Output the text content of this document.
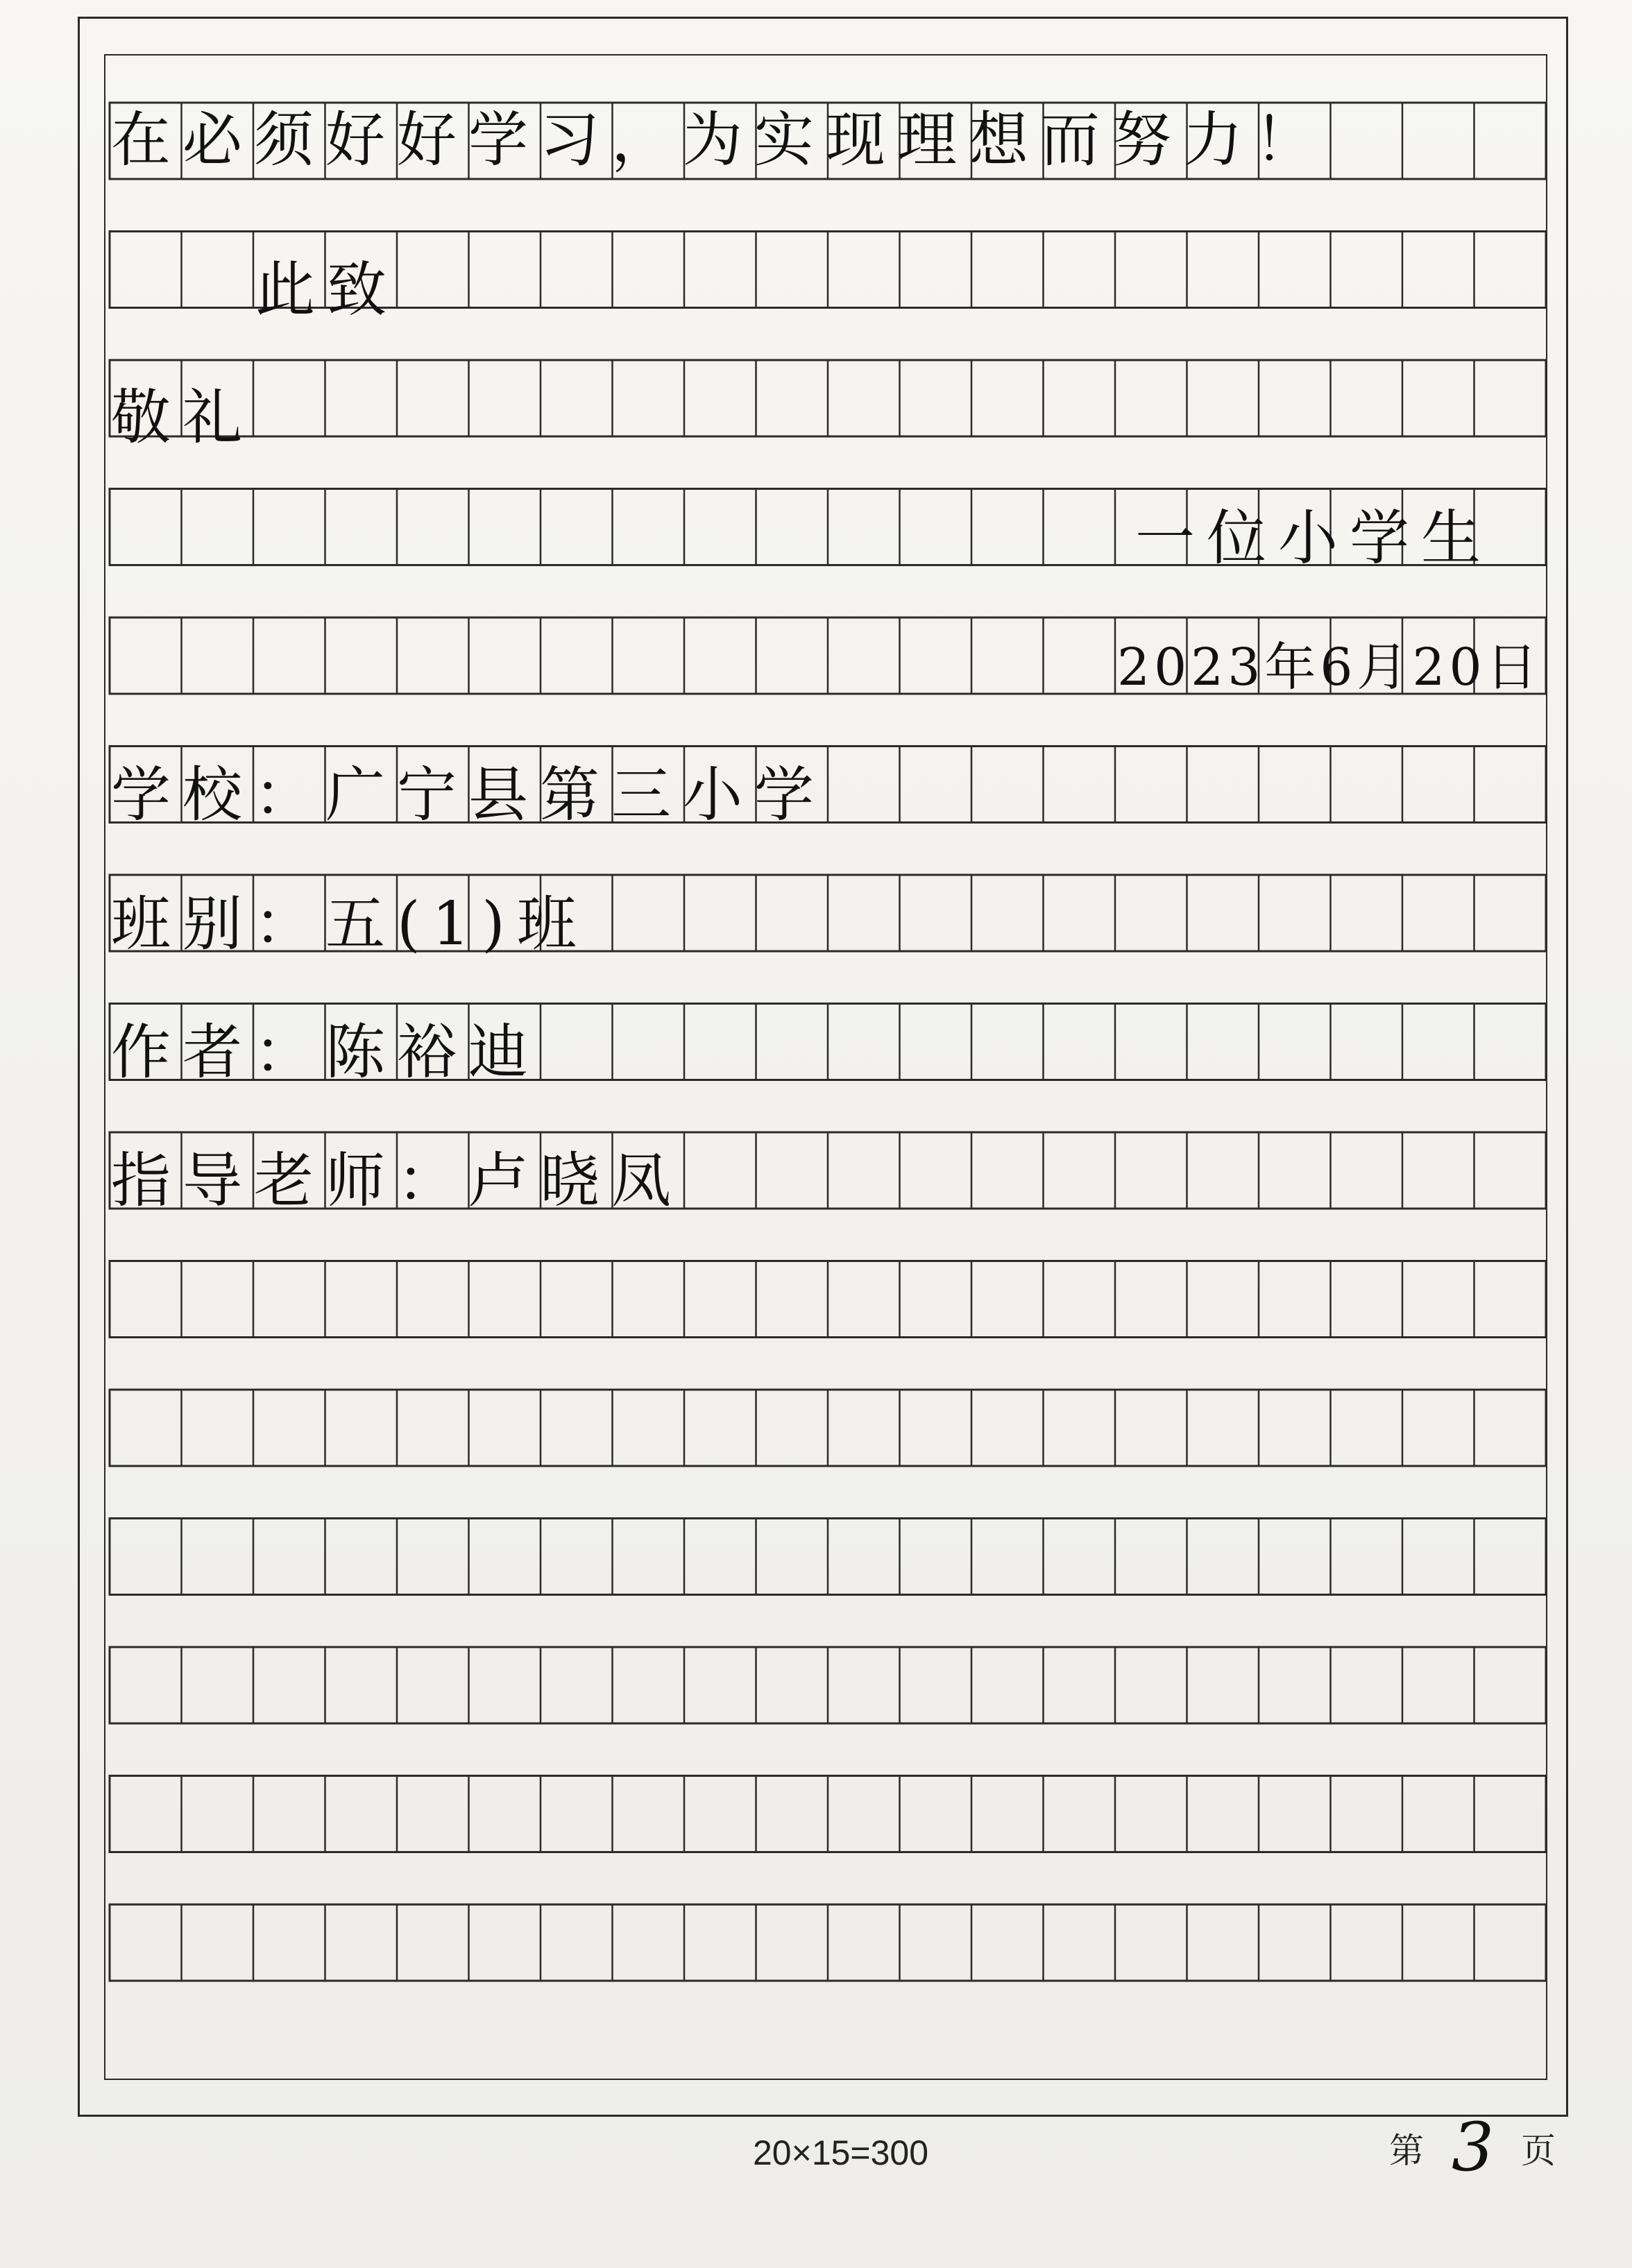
在必须好好学习，为实现理想而努力！
此致
敬礼
一位小学生
2023年6月20日
学校：广宁县第三小学
班别：五(1)班
作者：陈裕迪
指导老师：卢晓凤
20×15=300	第 3 页
